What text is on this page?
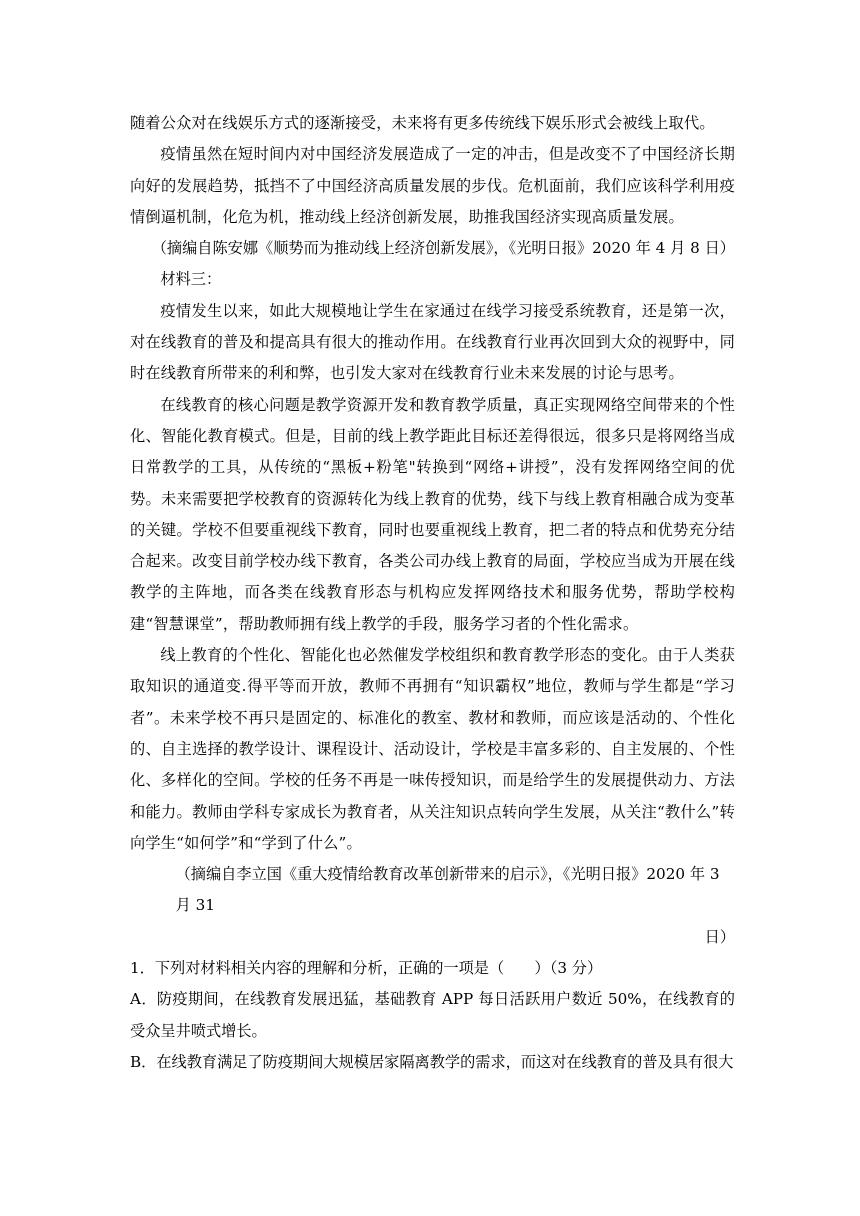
随着公众对在线娱乐方式的逐渐接受，未来将有更多传统线下娱乐形式会被线上取代。

疫情虽然在短时间内对中国经济发展造成了一定的冲击，但是改变不了中国经济长期向好的发展趋势，抵挡不了中国经济高质量发展的步伐。危机面前，我们应该科学利用疫情倒逼机制，化危为机，推动线上经济创新发展，助推我国经济实现高质量发展。

（摘编自陈安娜《顺势而为推动线上经济创新发展》，《光明日报》2020 年 4 月 8 日）

材料三：

疫情发生以来，如此大规模地让学生在家通过在线学习接受系统教育，还是第一次，对在线教育的普及和提高具有很大的推动作用。在线教育行业再次回到大众的视野中，同时在线教育所带来的利和弊，也引发大家对在线教育行业未来发展的讨论与思考。

在线教育的核心问题是教学资源开发和教育教学质量，真正实现网络空间带来的个性化、智能化教育模式。但是，目前的线上教学距此目标还差得很远，很多只是将网络当成日常教学的工具，从传统的“黑板+粉笔"转换到“网络+讲授”，没有发挥网络空间的优势。未来需要把学校教育的资源转化为线上教育的优势，线下与线上教育相融合成为变革的关键。学校不但要重视线下教育，同时也要重视线上教育，把二者的特点和优势充分结合起来。改变目前学校办线下教育，各类公司办线上教育的局面，学校应当成为开展在线教学的主阵地，而各类在线教育形态与机构应发挥网络技术和服务优势，帮助学校构建“智慧课堂”，帮助教师拥有线上教学的手段，服务学习者的个性化需求。

线上教育的个性化、智能化也必然催发学校组织和教育教学形态的变化。由于人类获取知识的通道变.得平等而开放，教师不再拥有“知识霸权”地位，教师与学生都是“学习者”。未来学校不再只是固定的、标准化的教室、教材和教师，而应该是活动的、个性化的、自主选择的教学设计、课程设计、活动设计，学校是丰富多彩的、自主发展的、个性化、多样化的空间。学校的任务不再是一味传授知识，而是给学生的发展提供动力、方法和能力。教师由学科专家成长为教育者，从关注知识点转向学生发展，从关注“教什么”转向学生“如何学”和“学到了什么”。

（摘编自李立国《重大疫情给教育改革创新带来的启示》，《光明日报》2020 年 3 月 31

日）

1．下列对材料相关内容的理解和分析，正确的一项是（　　）（3 分）

A．防疫期间，在线教育发展迅猛，基础教育 APP 每日活跃用户数近 50%，在线教育的受众呈井喷式增长。

B．在线教育满足了防疫期间大规模居家隔离教学的需求，而这对在线教育的普及具有很大
